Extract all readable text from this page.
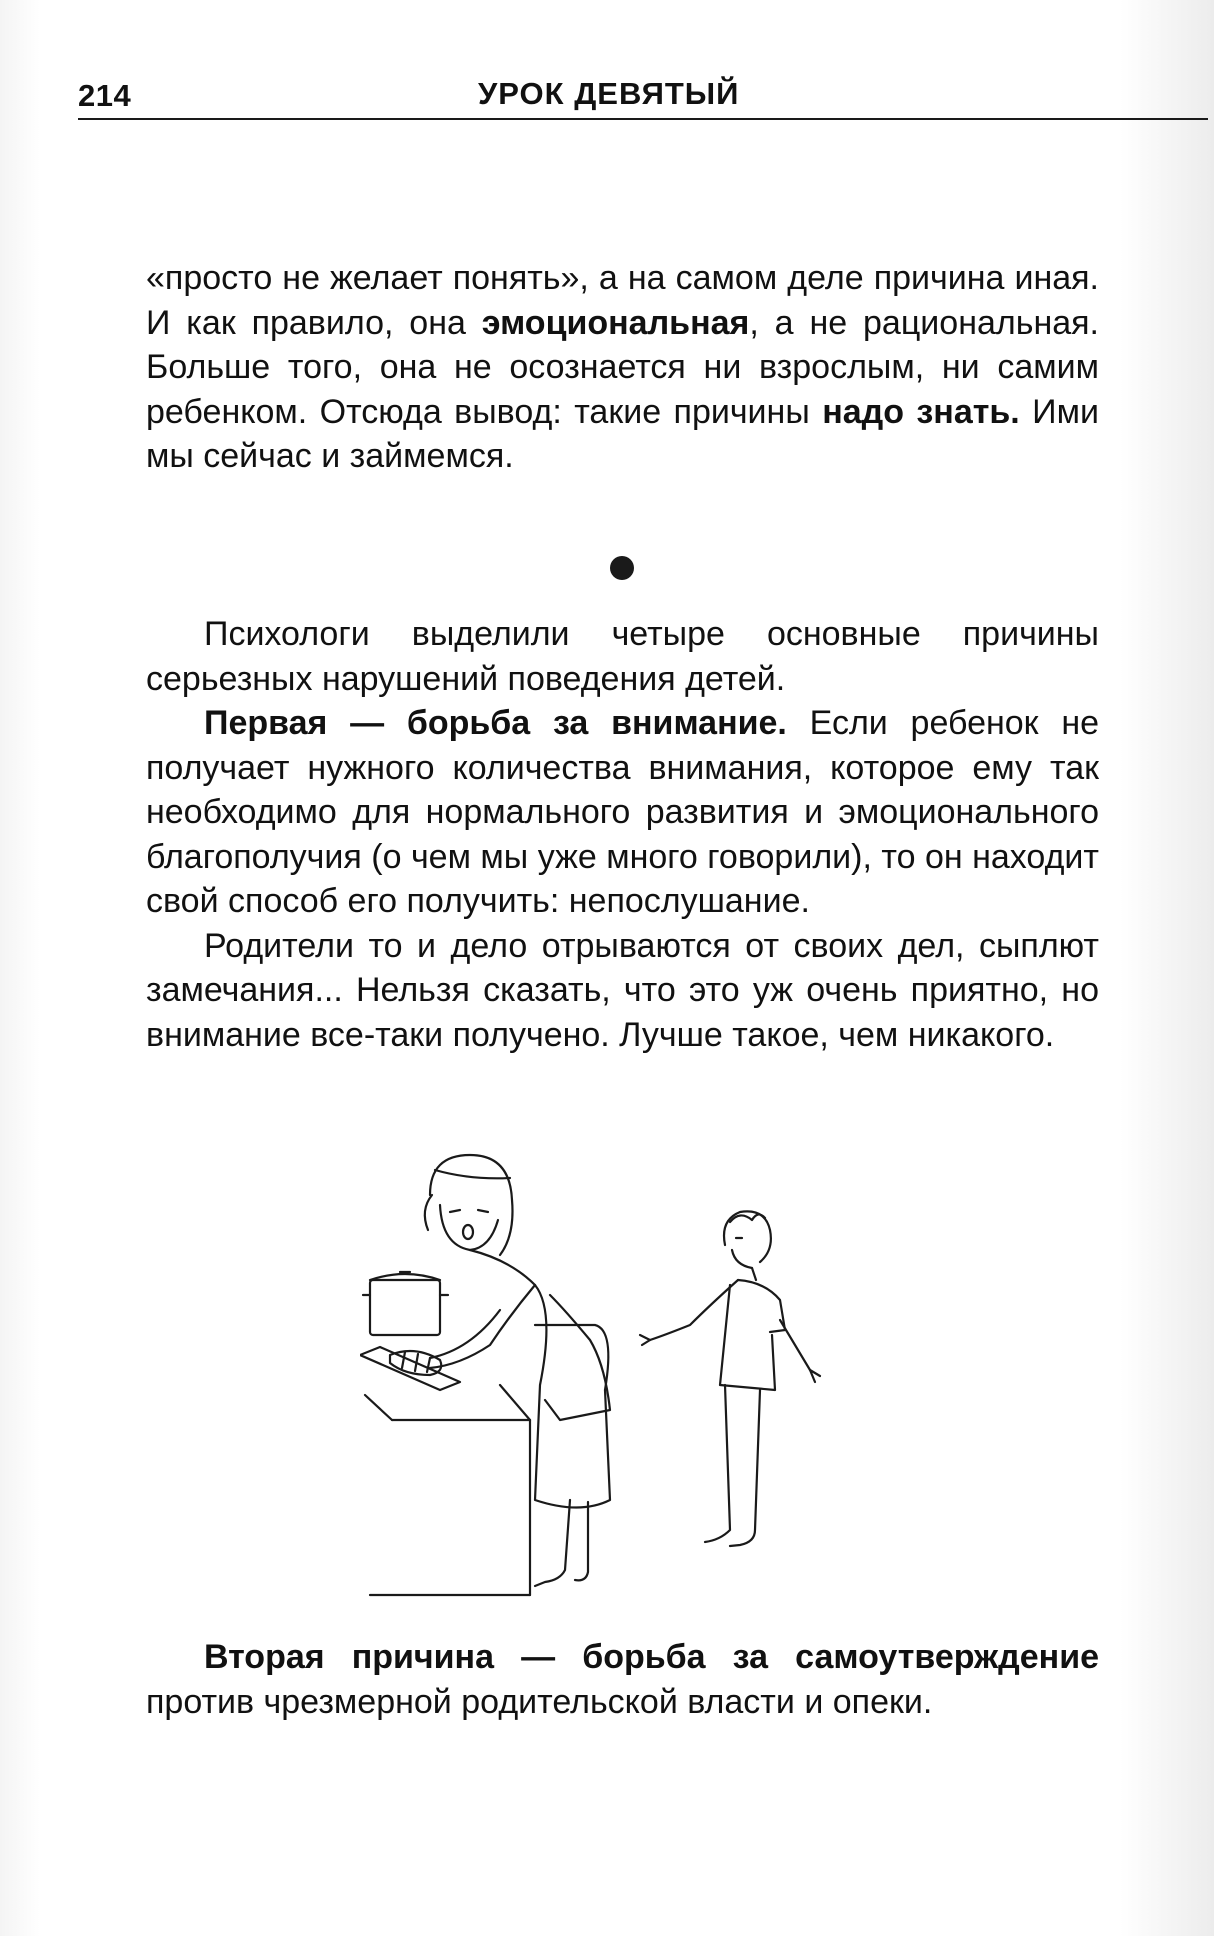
214	УРОК ДЕВЯТЫЙ

«просто не желает понять», а на самом деле причина иная. И как правило, она эмоциональная, а не рациональная. Больше того, она не осознается ни взрослым, ни самим ребенком. Отсюда вывод: такие причины надо знать. Ими мы сейчас и займемся.

Психологи выделили четыре основные причины серьезных нарушений поведения детей.

Первая — борьба за внимание. Если ребенок не получает нужного количества внимания, которое ему так необходимо для нормального развития и эмоционального благополучия (о чем мы уже много говорили), то он находит свой способ его получить: непослушание.

Родители то и дело отрываются от своих дел, сыплют замечания... Нельзя сказать, что это уж очень приятно, но внимание все-таки получено. Лучше такое, чем никакого.

Вторая причина — борьба за самоутверждение против чрезмерной родительской власти и опеки.
